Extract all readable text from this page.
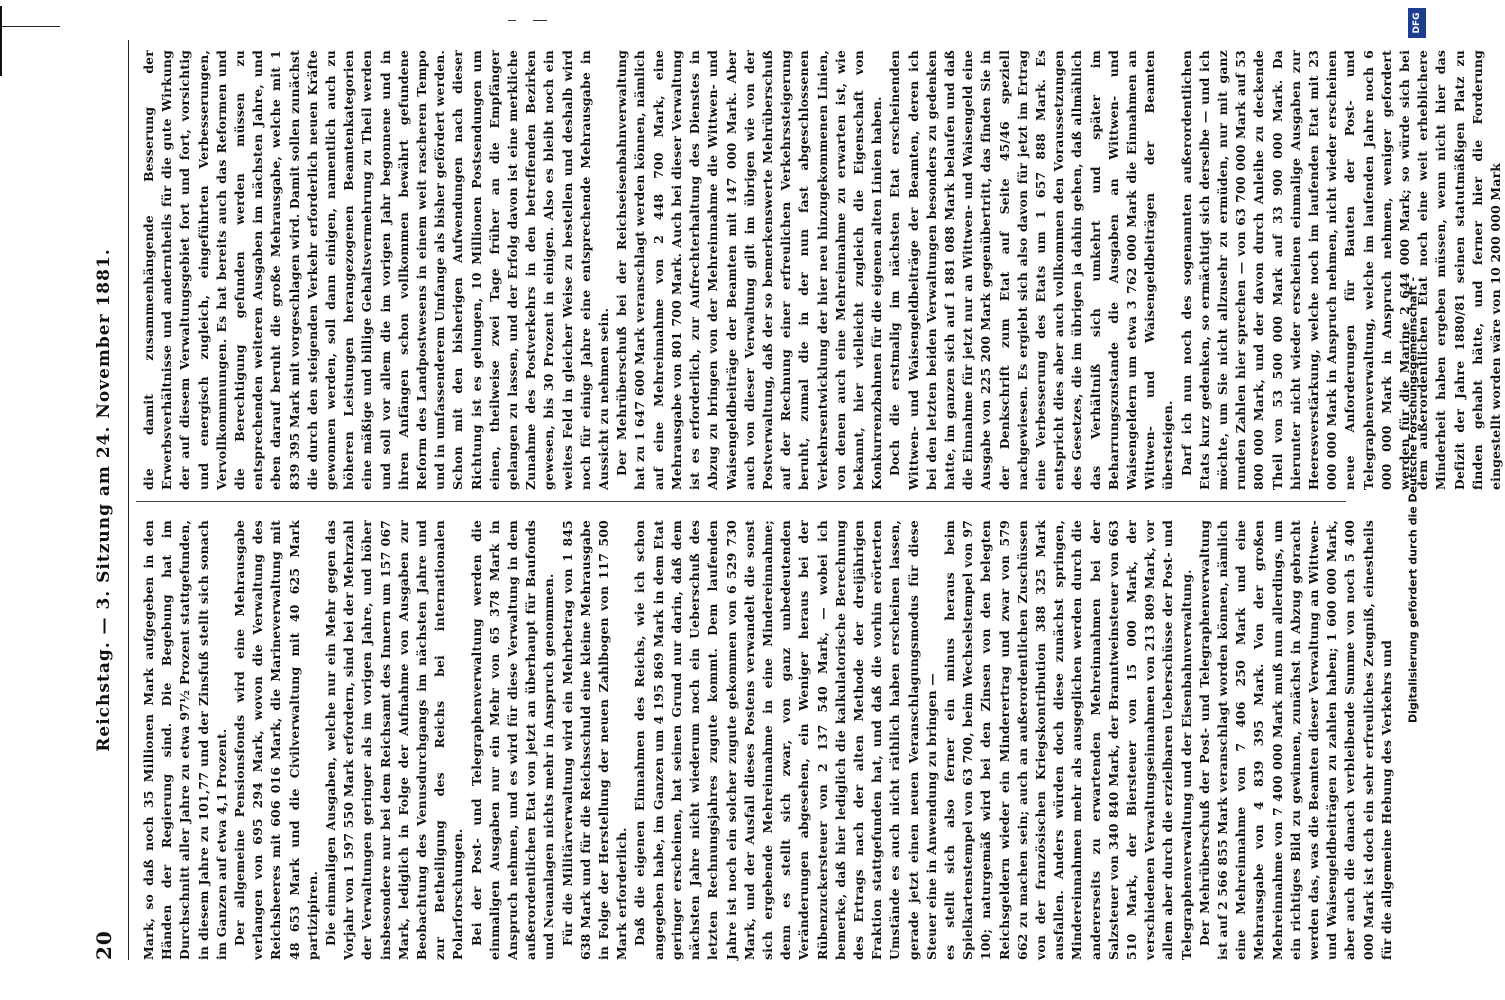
20
Reichstag. — 3. Sitzung am 24. November 1881. Mark, so daß noch 35 Millionen Mark aufgegeben in den Händen der Regierung sind. Die Begebung hat im Durchschnitt aller Jahre zu etwa 97½ Prozent stattgefunden, in diesem Jahre zu 101,77 und der Zinsfuß stellt sich sonach im Ganzen auf etwa 4,1 Prozent. Der allgemeine Pensionsfonds wird eine Mehrausgabe verlangen von 695 294 Mark, wovon die Verwaltung des Reichsheeres mit 606 016 Mark, die Marineverwaltung mit 48 653 Mark und die Civilverwaltung mit 40 625 Mark partizipiren. Die einmaligen Ausgaben, welche nur ein Mehr gegen das Vorjahr von 1 597 550 Mark erfordern, sind bei der Mehrzahl der Verwaltungen geringer als im vorigen Jahre, und höher insbesondere nur bei dem Reichsamt des Innern um 157 067 Mark, lediglich in Folge der Aufnahme von Ausgaben zur Beobachtung des Venusdurchgangs im nächsten Jahre und zur Betheiligung des Reichs bei internationalen Polarforschungen. Bei der Post- und Telegraphenverwaltung werden die einmaligen Ausgaben nur ein Mehr von 65 378 Mark in Anspruch nehmen, und es wird für diese Verwaltung in dem außerordentlichen Etat von jetzt an überhaupt für Baufonds und Neuanlagen nichts mehr in Anspruch genommen. Für die Militärverwaltung wird ein Mehrbetrag von 1 845 638 Mark und für die Reichsschuld eine kleine Mehrausgabe in Folge der Herstellung der neuen Zahlbogen von 117 500 Mark erforderlich. Daß die eigenen Einnahmen des Reichs, wie ich schon angegeben habe, im Ganzen um 4 195 869 Mark in dem Etat geringer erscheinen, hat seinen Grund nur darin, daß dem nächsten Jahre nicht wiederum noch ein Ueberschuß des letzten Rechnungsjahres zugute kommt. Dem laufenden Jahre ist noch ein solcher zugute gekommen von 6 529 730 Mark, und der Ausfall dieses Postens verwandelt die sonst sich ergebende Mehreinnahme in eine Mindereinnahme; denn es stellt sich zwar, von ganz unbedeutenden Veränderungen abgesehen, ein Weniger heraus bei der Rübenzuckersteuer von 2 137 540 Mark, — wobei ich bemerke, daß hier lediglich die kalkulatorische Berechnung des Ertrags nach der alten Methode der dreijährigen Fraktion stattgefunden hat, und daß die vorhin erörterten Umstände es auch nicht räthlich haben erscheinen lassen, gerade jetzt einen neuen Veranschlagungsmodus für diese Steuer eine in Anwendung zu bringen — es stellt sich also ferner ein minus heraus beim Spielkartenstempel von 63 700, beim Wechselstempel von 97 100; naturgemäß wird bei den Zinsen von den belegten Reichsgeldern wieder ein Minderertrag und zwar von 579 662 zu machen sein; auch an außerordentlichen Zuschüssen von der französischen Kriegskontribution 388 325 Mark ausfallen. Anders würden doch diese zunächst springen, Mindereinnahmen mehr als ausgeglichen werden durch die andererseits zu erwartenden Mehreinnahmen bei der Salzsteuer von 340 840 Mark, der Branntweinsteuer von 663 510 Mark, der Biersteuer von 15 000 Mark, der verschiedenen Verwaltungseinnahmen von 213 809 Mark, vor allem aber durch die erzielbaren Ueberschüsse der Post- und Telegraphenverwaltung und der Eisenbahnverwaltung. Der Mehrüberschuß der Post- und Telegraphenverwaltung ist auf 2 566 855 Mark veranschlagt worden können, nämlich eine Mehreinnahme von 7 406 250 Mark und eine Mehrausgabe von 4 839 395 Mark. Von der großen Mehreinnahme von 7 400 000 Mark muß nun allerdings, um ein richtiges Bild zu gewinnen, zunächst in Abzug gebracht werden das, was die Beamten dieser Verwaltung an Wittwen- und Waisengeldbeiträgen zu zahlen haben; 1 600 000 Mark, aber auch die danach verbleibende Summe von noch 5 400 000 Mark ist doch ein sehr erfreuliches Zeugniß, einestheils für die allgemeine Hebung des Verkehrs und

die damit zusammenhängende Besserung der Erwerbsverhältnisse und anderntheils für die gute Wirkung der auf diesem Verwaltungsgebiet fort und fort, vorsichtig und energisch zugleich, eingeführten Verbesserungen, Vervollkommnungen. Es hat bereits auch das Reformen und die Berechtigung gefunden werden müssen zu entsprechenden weiteren Ausgaben im nächsten Jahre, und eben darauf beruht die große Mehrausgabe, welche mit 1 839 395 Mark mit vorgeschlagen wird. Damit sollen zunächst die durch den steigenden Verkehr erforderlich neuen Kräfte gewonnen werden, soll dann einigen, namentlich auch zu höheren Leistungen herangezogenen Beamtenkategorien eine mäßige und billige Gehaltsvermehrung zu Theil werden und soll vor allem die im vorigen Jahr begonnene und in ihren Anfängen schon vollkommen bewährt gefundene Reform des Landpostwesens in einem weit rascheren Tempo und in umfassenderem Umfange als bisher gefördert werden. Schon mit den bisherigen Aufwendungen nach dieser Richtung ist es gelungen, 10 Millionen Postsendungen um einen, theilweise zwei Tage früher an die Empfänger gelangen zu lassen, und der Erfolg davon ist eine merkliche Zunahme des Postverkehrs in den betreffenden Bezirken gewesen, bis 30 Prozent in einigen. Also es bleibt noch ein weites Feld in gleicher Weise zu bestellen und deshalb wird noch für einige Jahre eine entsprechende Mehrausgabe in Aussicht zu nehmen sein. Der Mehrüberschuß bei der Reichseisenbahnverwaltung hat zu 1 647 600 Mark veranschlagt werden können, nämlich auf eine Mehreinnahme von 2 448 700 Mark, eine Mehrausgabe von 801 700 Mark. Auch bei dieser Verwaltung ist es erforderlich, zur Aufrechterhaltung des Dienstes in Abzug zu bringen von der Mehreinnahme die Wittwen- und Waisengeldbeiträge der Beamten mit 147 000 Mark. Aber auch von dieser Verwaltung gilt im übrigen wie von der Postverwaltung, daß der so bemerkenswerte Mehrüberschuß auf der Rechnung einer erfreulichen Verkehrssteigerung beruht, zumal die in der nun fast abgeschlossenen Verkehrsentwicklung der hier neu hinzugekommenen Linien, von denen auch eine Mehreinnahme zu erwarten ist, wie bekannt, hier vielleicht zugleich die Eigenschaft von Konkurrenzbahnen für die eigenen alten Linien haben. Doch die erstmalig im nächsten Etat erscheinenden Wittwen- und Waisengeldbeiträge der Beamten, deren ich bei den letzten beiden Verwaltungen besonders zu gedenken hatte, im ganzen sich auf 1 881 088 Mark belaufen und daß die Einnahme für jetzt nur an Wittwen- und Waisengeld eine Ausgabe von 225 200 Mark gegenübertritt, das finden Sie in der Denkschrift zum Etat auf Seite 45/46 speziell nachgewiesen. Es ergiebt sich also davon für jetzt im Ertrag eine Verbesserung des Etats um 1 657 888 Mark. Es entspricht dies aber auch vollkommen den Voraussetzungen des Gesetzes, die im übrigen ja dahin gehen, daß allmählich das Verhältniß sich umkehrt und später im Beharrungszustande die Ausgaben an Wittwen- und Waisengeldern um etwa 3 762 000 Mark die Einnahmen an Wittwen- und Waisengeldbeiträgen der Beamten übersteigen. Darf ich nun noch des sogenannten außerordentlichen Etats kurz gedenken, so ermächtigt sich derselbe — und ich möchte, um Sie nicht allzusehr zu ermüden, nur mit ganz runden Zahlen hier sprechen — von 63 700 000 Mark auf 53 800 000 Mark, und der davon durch Anleihe zu deckende Theil von 53 500 000 Mark auf 33 900 000 Mark. Da hierunter nicht wieder erscheinen einmalige Ausgaben zur Heeresverstärkung, welche noch im laufenden Etat mit 23 000 000 Mark in Anspruch nehmen, nicht wieder erscheinen neue Anforderungen für Bauten der Post- und Telegraphenverwaltung, welche im laufenden Jahre noch 6 000 000 Mark in Anspruch nehmen, weniger gefordert werden für die Marine 2 644 000 Mark; so würde sich bei dem außerordentlichen Etat noch eine weit erheblichere Minderheit haben ergeben müssen, wenn nicht hier das Defizit der Jahre 1880/81 seinen statutmäßigen Platz zu finden gehabt hätte, und ferner hier die Forderung eingestellt worden wäre von 10 200 000 Mark

Digitalisierung gefördert durch die Deutsche Forschungsgemeinschaft -
DFG
